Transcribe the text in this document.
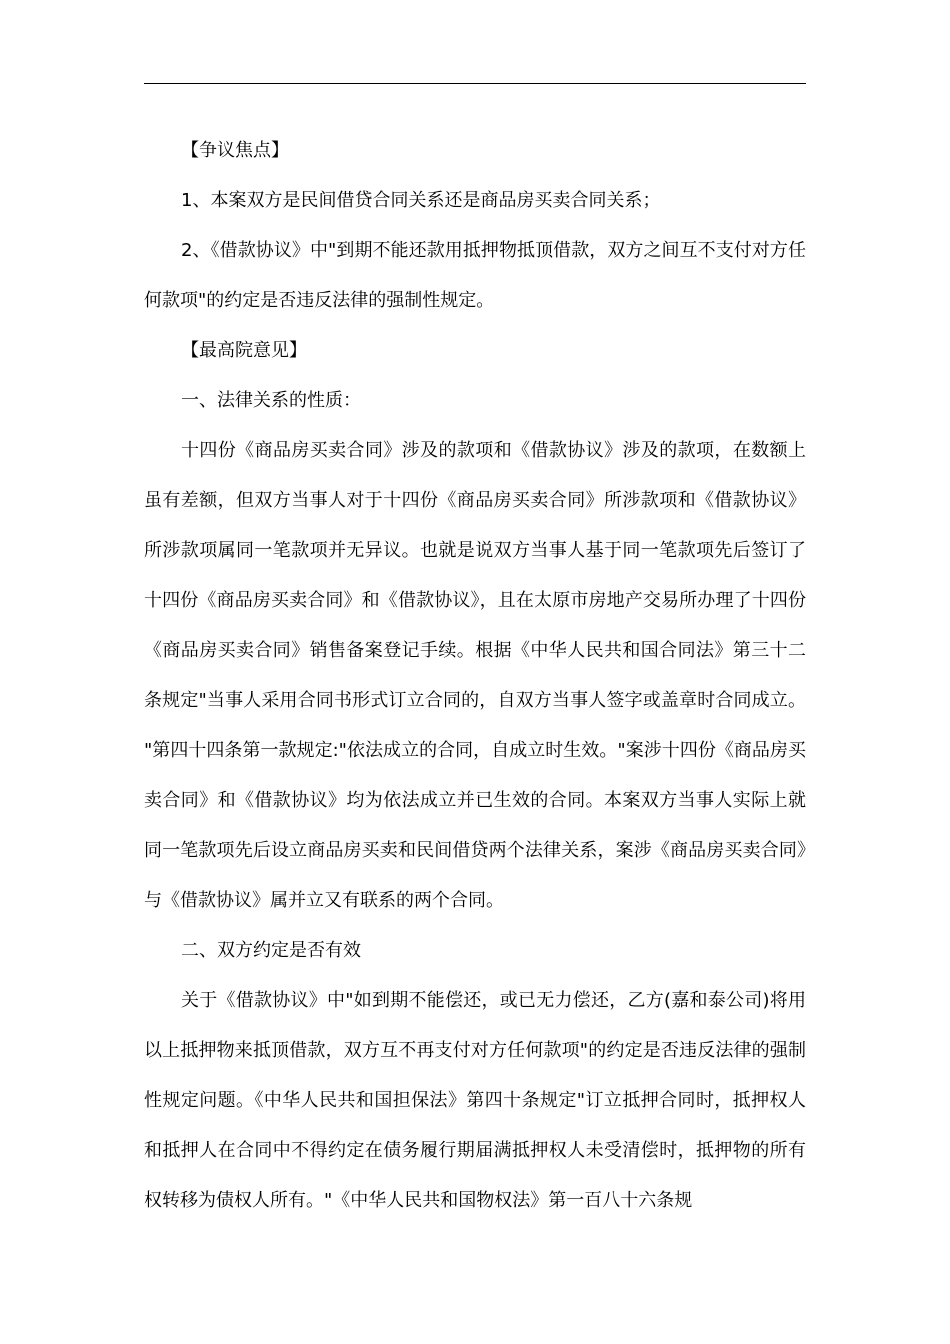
【争议焦点】

1、本案双方是民间借贷合同关系还是商品房买卖合同关系；

2、《借款协议》中"到期不能还款用抵押物抵顶借款，双方之间互不支付对方任何款项"的约定是否违反法律的强制性规定。

【最高院意见】

一、法律关系的性质：

十四份《商品房买卖合同》涉及的款项和《借款协议》涉及的款项，在数额上虽有差额，但双方当事人对于十四份《商品房买卖合同》所涉款项和《借款协议》所涉款项属同一笔款项并无异议。也就是说双方当事人基于同一笔款项先后签订了十四份《商品房买卖合同》和《借款协议》，且在太原市房地产交易所办理了十四份《商品房买卖合同》销售备案登记手续。根据《中华人民共和国合同法》第三十二条规定"当事人采用合同书形式订立合同的，自双方当事人签字或盖章时合同成立。"第四十四条第一款规定:"依法成立的合同，自成立时生效。"案涉十四份《商品房买卖合同》和《借款协议》均为依法成立并已生效的合同。本案双方当事人实际上就同一笔款项先后设立商品房买卖和民间借贷两个法律关系，案涉《商品房买卖合同》与《借款协议》属并立又有联系的两个合同。

二、双方约定是否有效

关于《借款协议》中"如到期不能偿还，或已无力偿还，乙方(嘉和泰公司)将用以上抵押物来抵顶借款，双方互不再支付对方任何款项"的约定是否违反法律的强制性规定问题。《中华人民共和国担保法》第四十条规定"订立抵押合同时，抵押权人和抵押人在合同中不得约定在债务履行期届满抵押权人未受清偿时，抵押物的所有权转移为债权人所有。"《中华人民共和国物权法》第一百八十六条规
